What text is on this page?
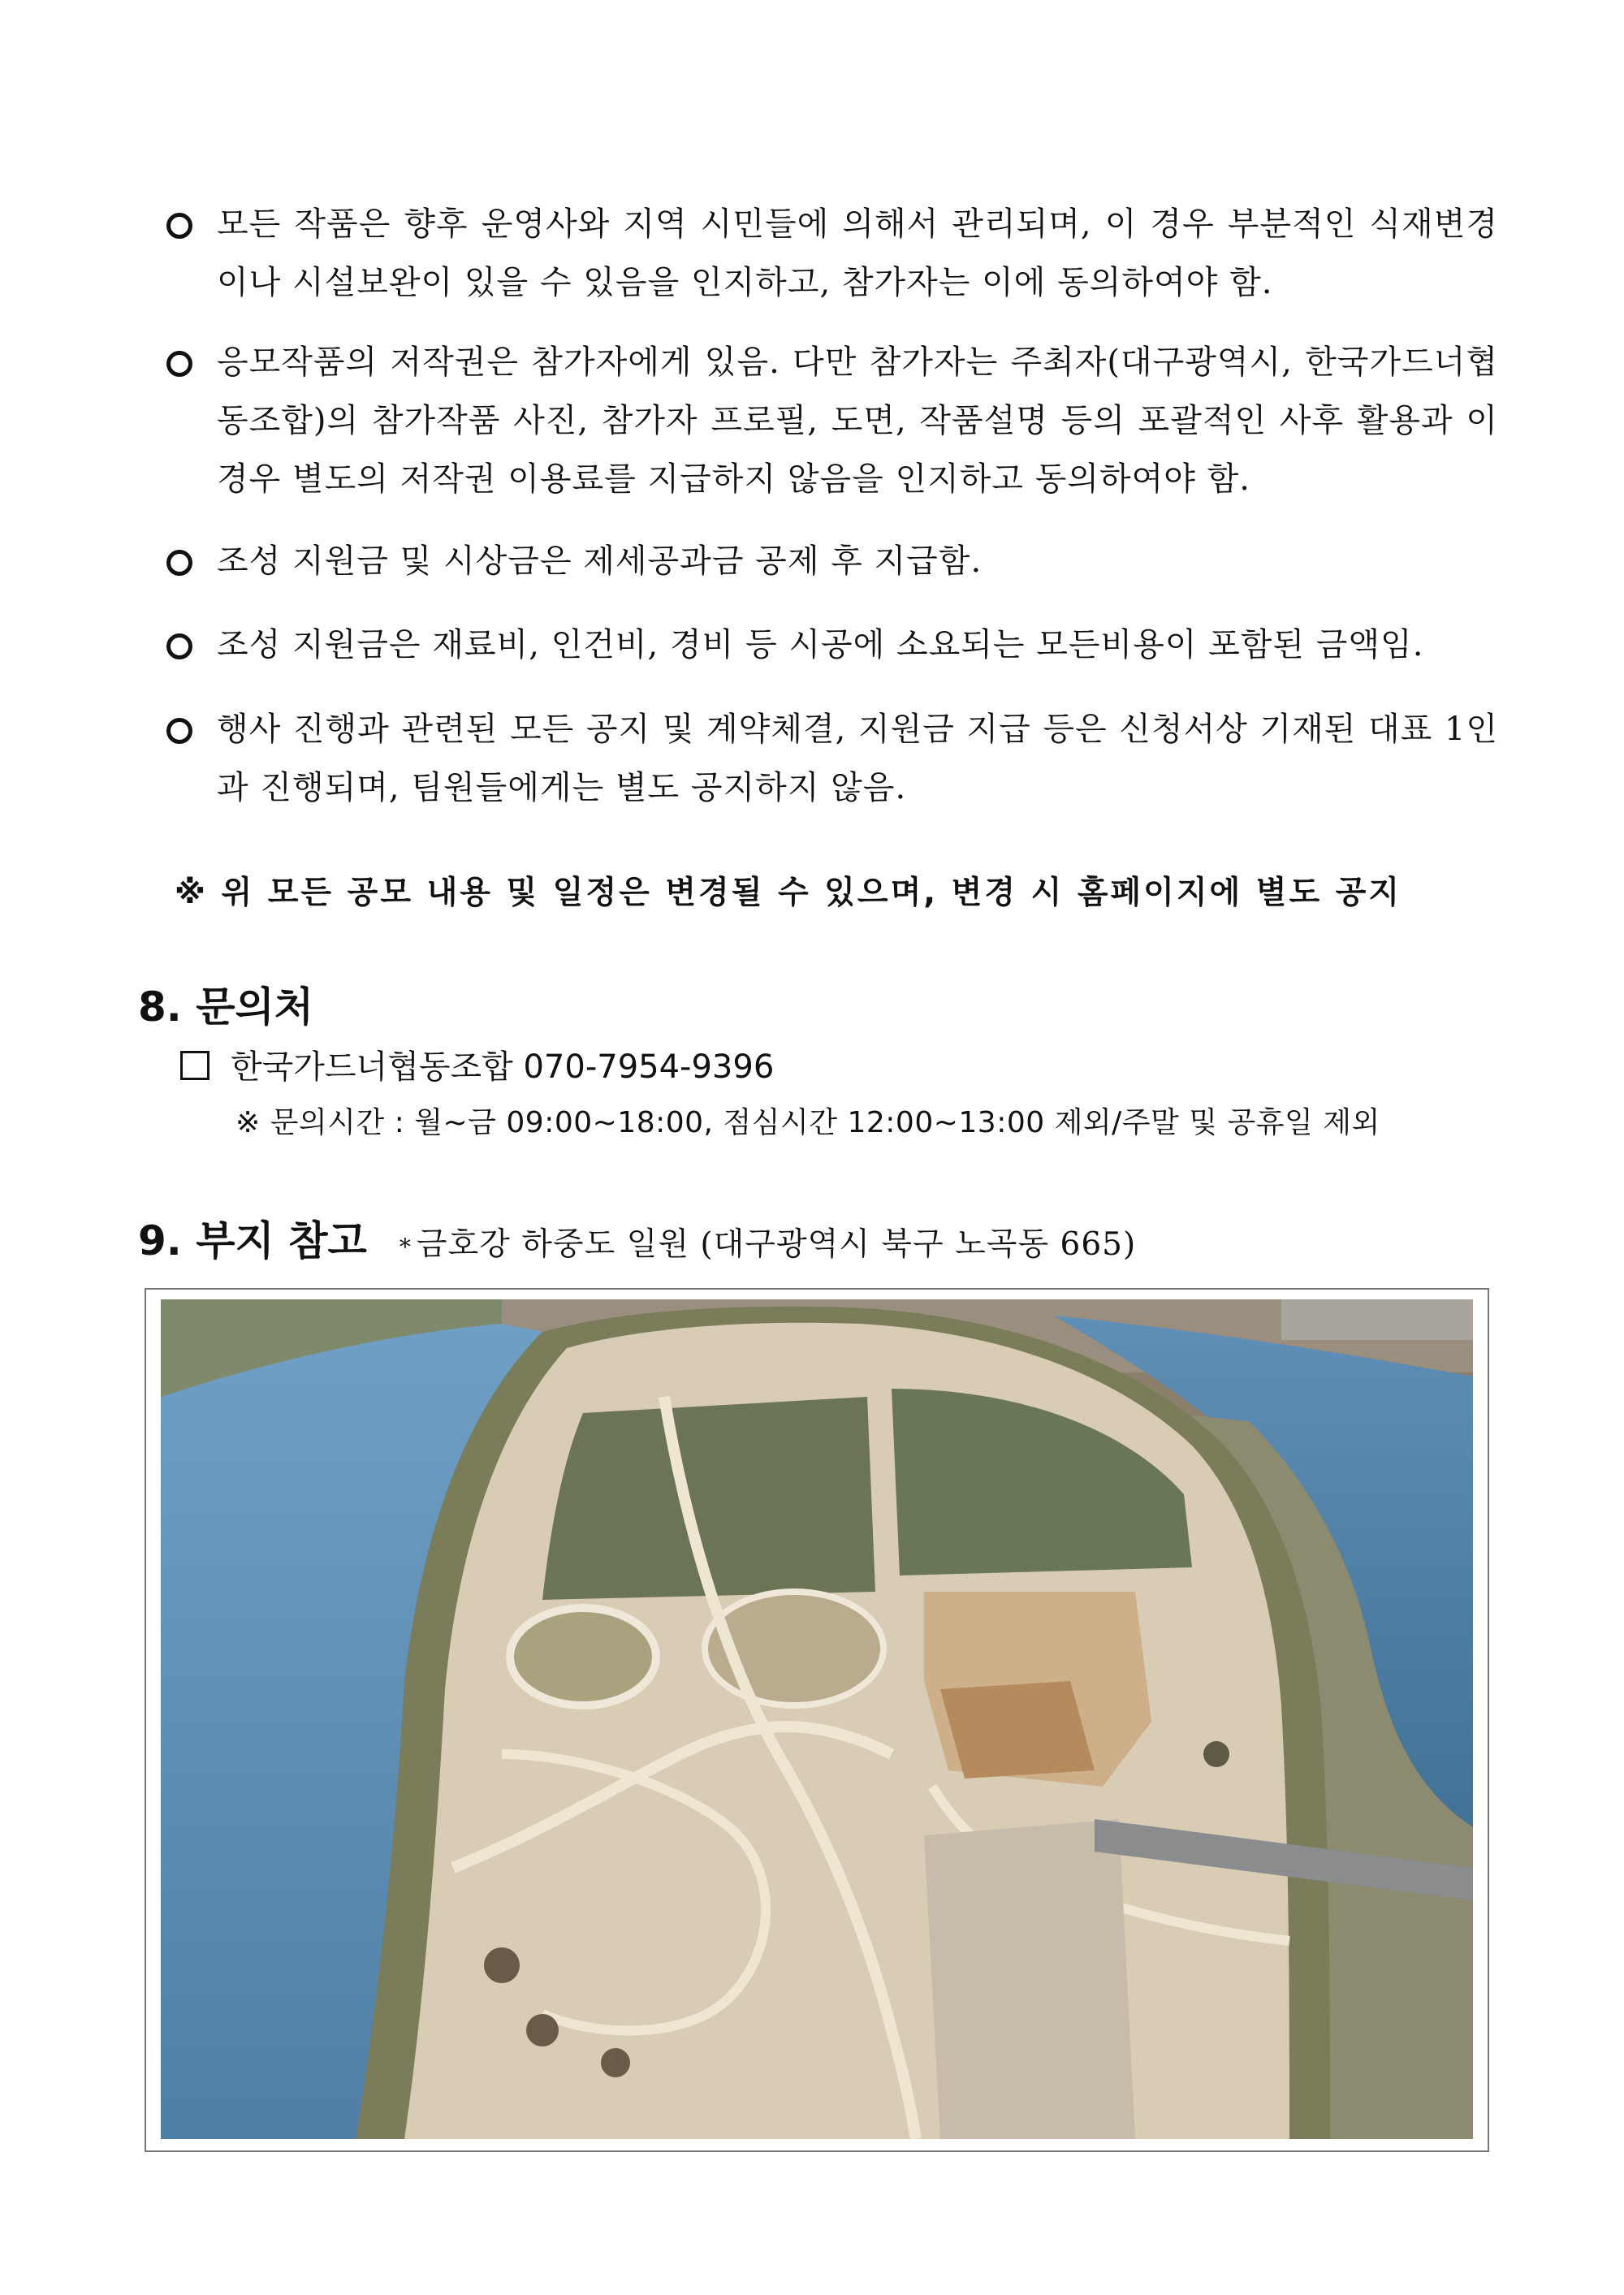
모든 작품은 향후 운영사와 지역 시민들에 의해서 관리되며, 이 경우 부분적인 식재변경이나 시설보완이 있을 수 있음을 인지하고, 참가자는 이에 동의하여야 함.
응모작품의 저작권은 참가자에게 있음. 다만 참가자는 주최자(대구광역시, 한국가드너협동조합)의 참가작품 사진, 참가자 프로필, 도면, 작품설명 등의 포괄적인 사후 활용과 이 경우 별도의 저작권 이용료를 지급하지 않음을 인지하고 동의하여야 함.
조성 지원금 및 시상금은 제세공과금 공제 후 지급함.
조성 지원금은 재료비, 인건비, 경비 등 시공에 소요되는 모든비용이 포함된 금액임.
행사 진행과 관련된 모든 공지 및 계약체결, 지원금 지급 등은 신청서상 기재된 대표 1인과 진행되며, 팀원들에게는 별도 공지하지 않음.
※ 위 모든 공모 내용 및 일정은 변경될 수 있으며, 변경 시 홈페이지에 별도 공지
8. 문의처
한국가드너협동조합 070-7954-9396
※ 문의시간 : 월~금 09:00~18:00, 점심시간 12:00~13:00 제외/주말 및 공휴일 제외
9. 부지 참고 * 금호강 하중도 일원 (대구광역시 북구 노곡동 665)
